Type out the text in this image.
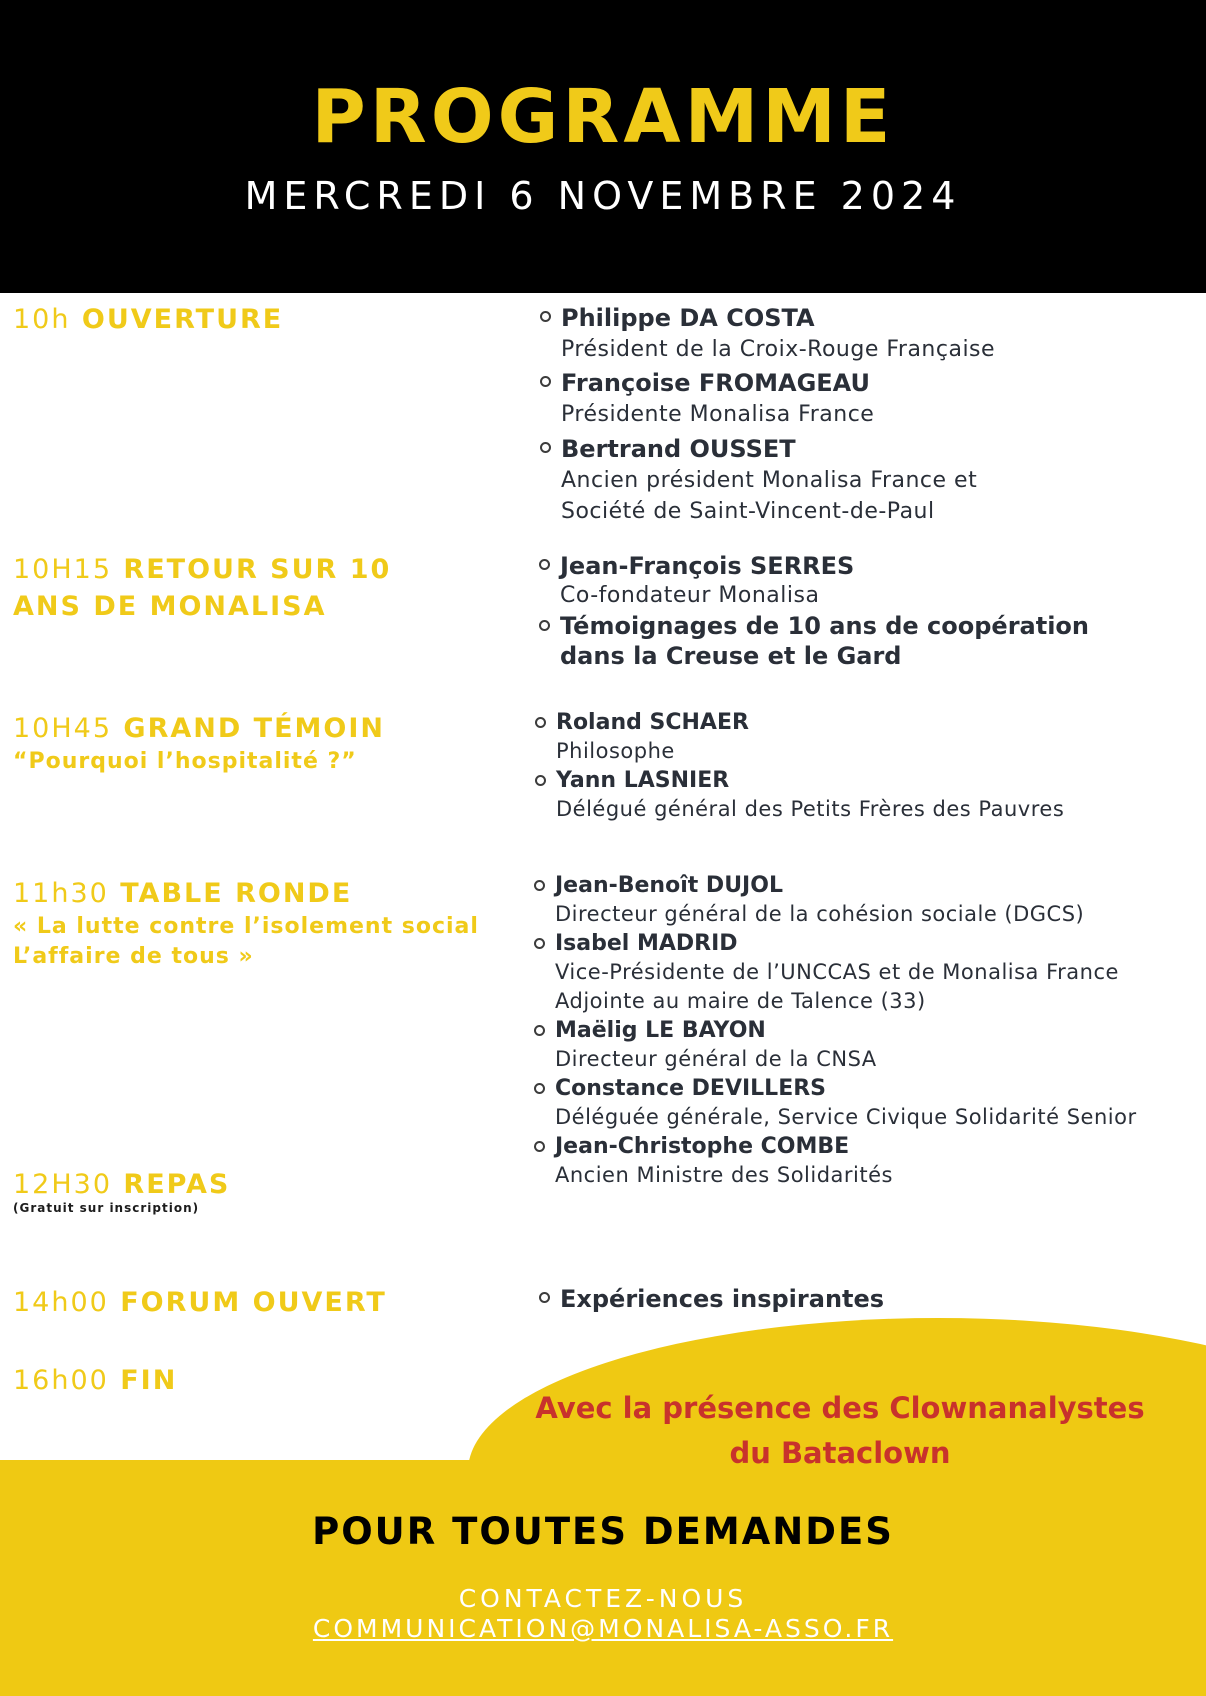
PROGRAMME
MERCREDI 6 NOVEMBRE 2024
10h OUVERTURE
10H15 RETOUR SUR 10
ANS DE MONALISA
10H45 GRAND TÉMOIN
“Pourquoi l’hospitalité ?”
11h30 TABLE RONDE
« La lutte contre l’isolement social
L’affaire de tous »
12H30 REPAS
(Gratuit sur inscription)
14h00 FORUM OUVERT
16h00 FIN
Philippe DA COSTA
Président de la Croix-Rouge Française
Françoise FROMAGEAU
Présidente Monalisa France
Bertrand OUSSET
Ancien président Monalisa France et
Société de Saint-Vincent-de-Paul
Jean-François SERRES
Co-fondateur Monalisa
Témoignages de 10 ans de coopération
dans la Creuse et le Gard
Roland SCHAER
Philosophe
Yann LASNIER
Délégué général des Petits Frères des Pauvres
Jean-Benoît DUJOL
Directeur général de la cohésion sociale (DGCS)
Isabel MADRID
Vice-Présidente de l’UNCCAS et de Monalisa France
Adjointe au maire de Talence (33)
Maëlig LE BAYON
Directeur général de la CNSA
Constance DEVILLERS
Déléguée générale, Service Civique Solidarité Senior
Jean-Christophe COMBE
Ancien Ministre des Solidarités
Expériences inspirantes
Avec la présence des Clownanalystes
du Bataclown
POUR TOUTES DEMANDES
CONTACTEZ-NOUS
COMMUNICATION@MONALISA-ASSO.FR
